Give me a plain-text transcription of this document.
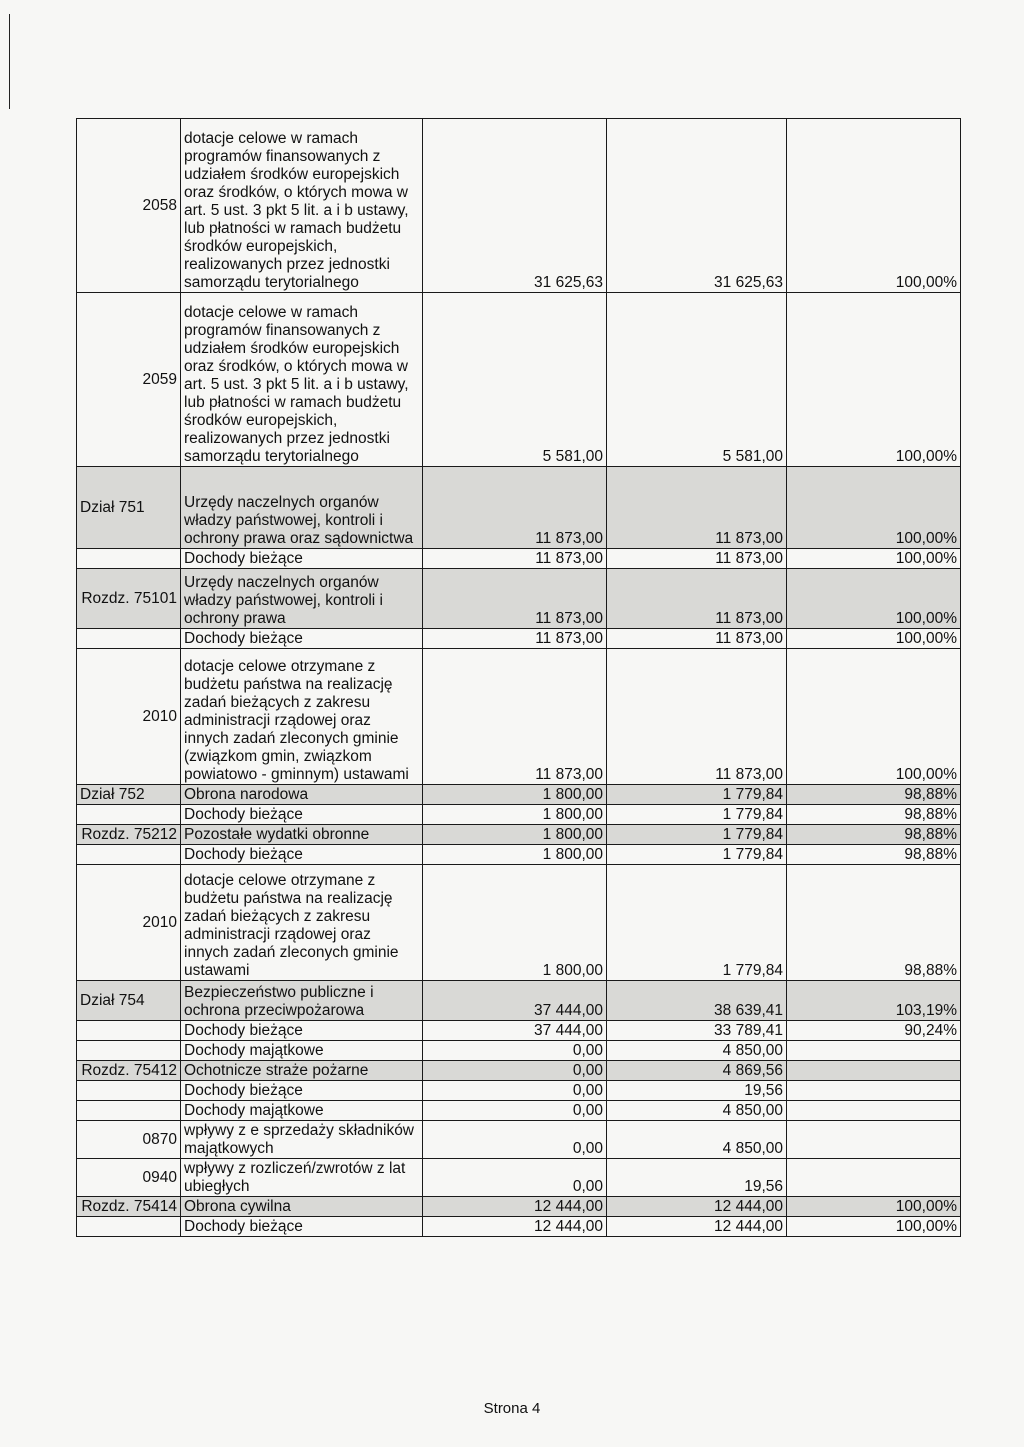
2058	dotacje celowe w ramach programów finansowanych z udziałem środków europejskich oraz środków, o których mowa w art. 5 ust. 3 pkt 5 lit. a i b ustawy, lub płatności w ramach budżetu środków europejskich, realizowanych przez jednostki samorządu terytorialnego	31 625,63	31 625,63	100,00%
2059	dotacje celowe w ramach programów finansowanych z udziałem środków europejskich oraz środków, o których mowa w art. 5 ust. 3 pkt 5 lit. a i b ustawy, lub płatności w ramach budżetu środków europejskich, realizowanych przez jednostki samorządu terytorialnego	5 581,00	5 581,00	100,00%
Dział 751	Urzędy naczelnych organów władzy państwowej, kontroli i ochrony prawa oraz sądownictwa	11 873,00	11 873,00	100,00%
	Dochody bieżące	11 873,00	11 873,00	100,00%
Rozdz. 75101	Urzędy naczelnych organów władzy państwowej, kontroli i ochrony prawa	11 873,00	11 873,00	100,00%
	Dochody bieżące	11 873,00	11 873,00	100,00%
2010	dotacje celowe otrzymane z budżetu państwa na realizację zadań bieżących z zakresu administracji rządowej oraz innych zadań zleconych gminie (związkom gmin, związkom powiatowo - gminnym) ustawami	11 873,00	11 873,00	100,00%
Dział 752	Obrona narodowa	1 800,00	1 779,84	98,88%
	Dochody bieżące	1 800,00	1 779,84	98,88%
Rozdz. 75212	Pozostałe wydatki obronne	1 800,00	1 779,84	98,88%
	Dochody bieżące	1 800,00	1 779,84	98,88%
2010	dotacje celowe otrzymane z budżetu państwa na realizację zadań bieżących z zakresu administracji rządowej oraz innych zadań zleconych gminie ustawami	1 800,00	1 779,84	98,88%
Dział 754	Bezpieczeństwo publiczne i ochrona przeciwpożarowa	37 444,00	38 639,41	103,19%
	Dochody bieżące	37 444,00	33 789,41	90,24%
	Dochody majątkowe	0,00	4 850,00	
Rozdz. 75412	Ochotnicze straże pożarne	0,00	4 869,56	
	Dochody bieżące	0,00	19,56	
	Dochody majątkowe	0,00	4 850,00	
0870	wpływy z e sprzedaży składników majątkowych	0,00	4 850,00	
0940	wpływy z rozliczeń/zwrotów z lat ubiegłych	0,00	19,56	
Rozdz. 75414	Obrona cywilna	12 444,00	12 444,00	100,00%
	Dochody bieżące	12 444,00	12 444,00	100,00%
Strona 4
